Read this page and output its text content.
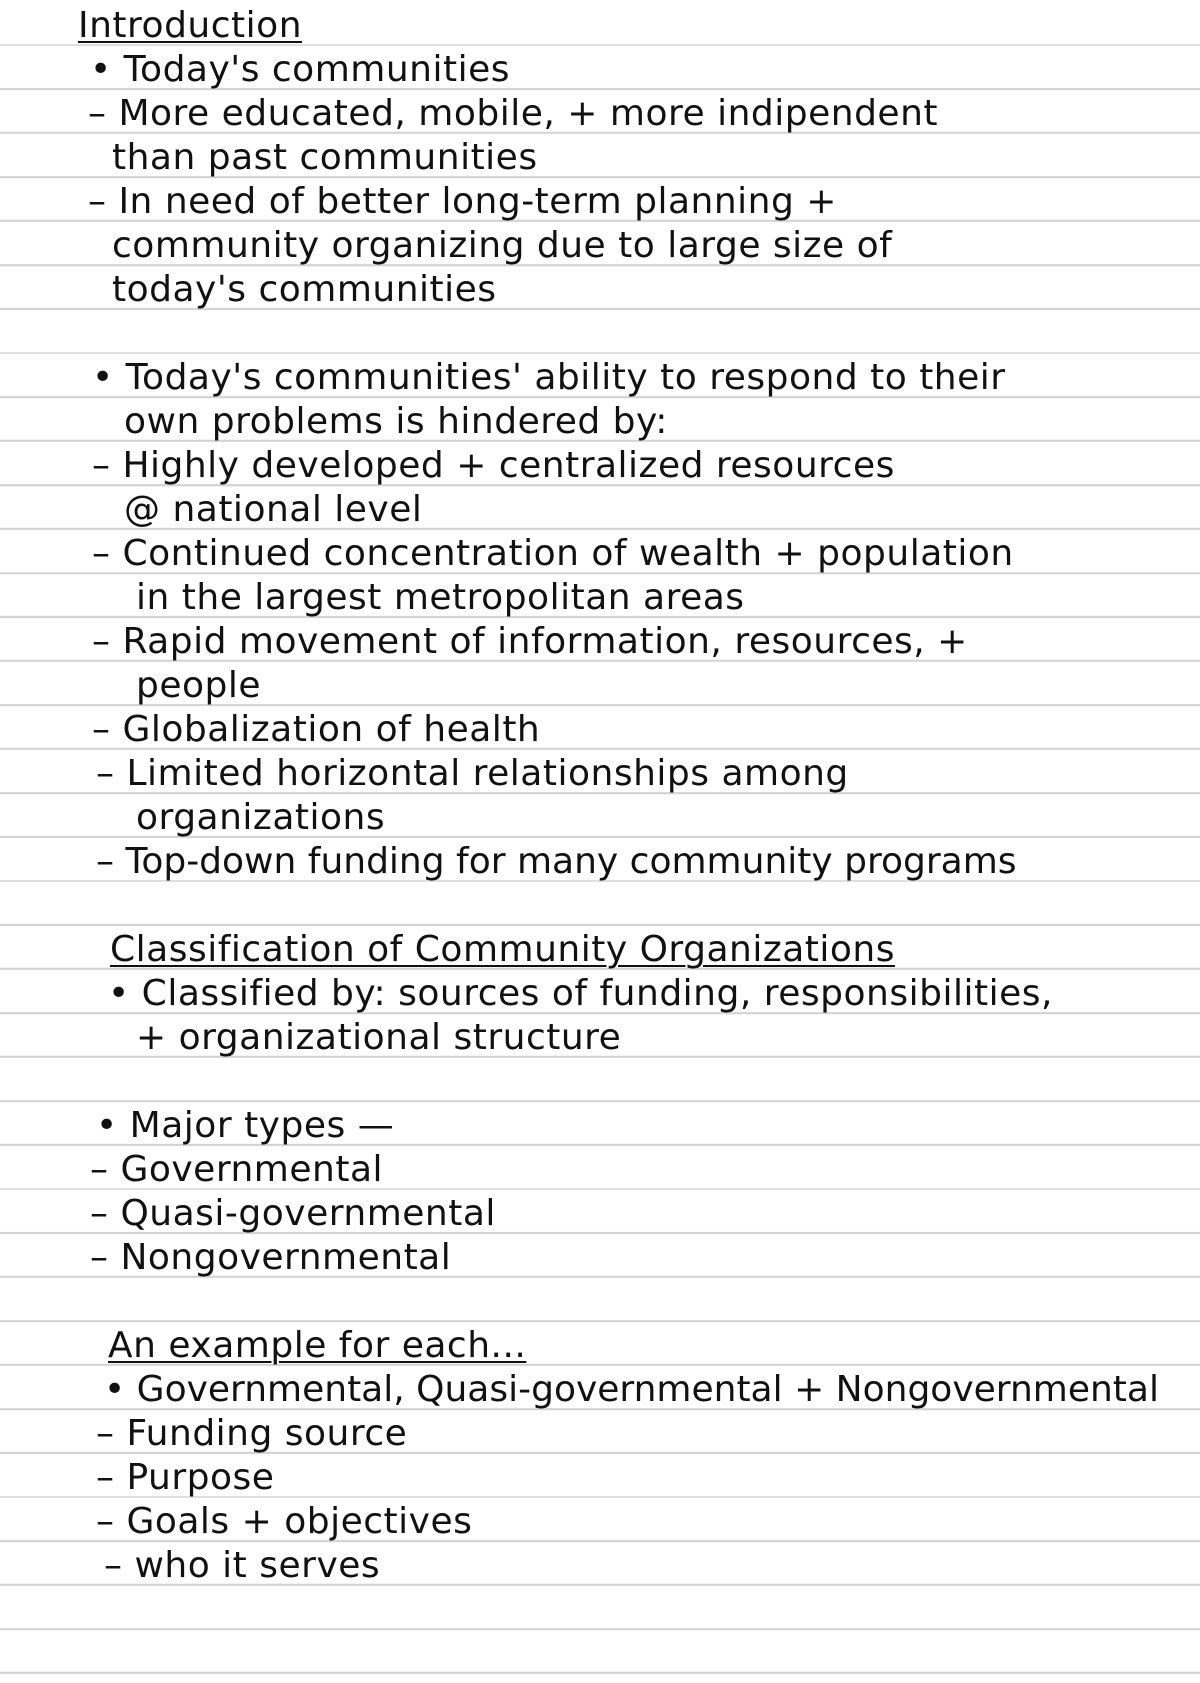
Introduction
• Today's communities
– More educated, mobile, + more indipendent
than past communities
– In need of better long-term planning +
community organizing due to large size of
today's communities
• Today's communities' ability to respond to their
own problems is hindered by:
– Highly developed + centralized resources
@ national level
– Continued concentration of wealth + population
in the largest metropolitan areas
– Rapid movement of information, resources, +
people
– Globalization of health
– Limited horizontal relationships among
organizations
– Top-down funding for many community programs
Classification of Community Organizations
• Classified by: sources of funding, responsibilities,
+ organizational structure
• Major types —
– Governmental
– Quasi-governmental
– Nongovernmental
An example for each...
• Governmental, Quasi-governmental + Nongovernmental
– Funding source
– Purpose
– Goals + objectives
– who it serves
